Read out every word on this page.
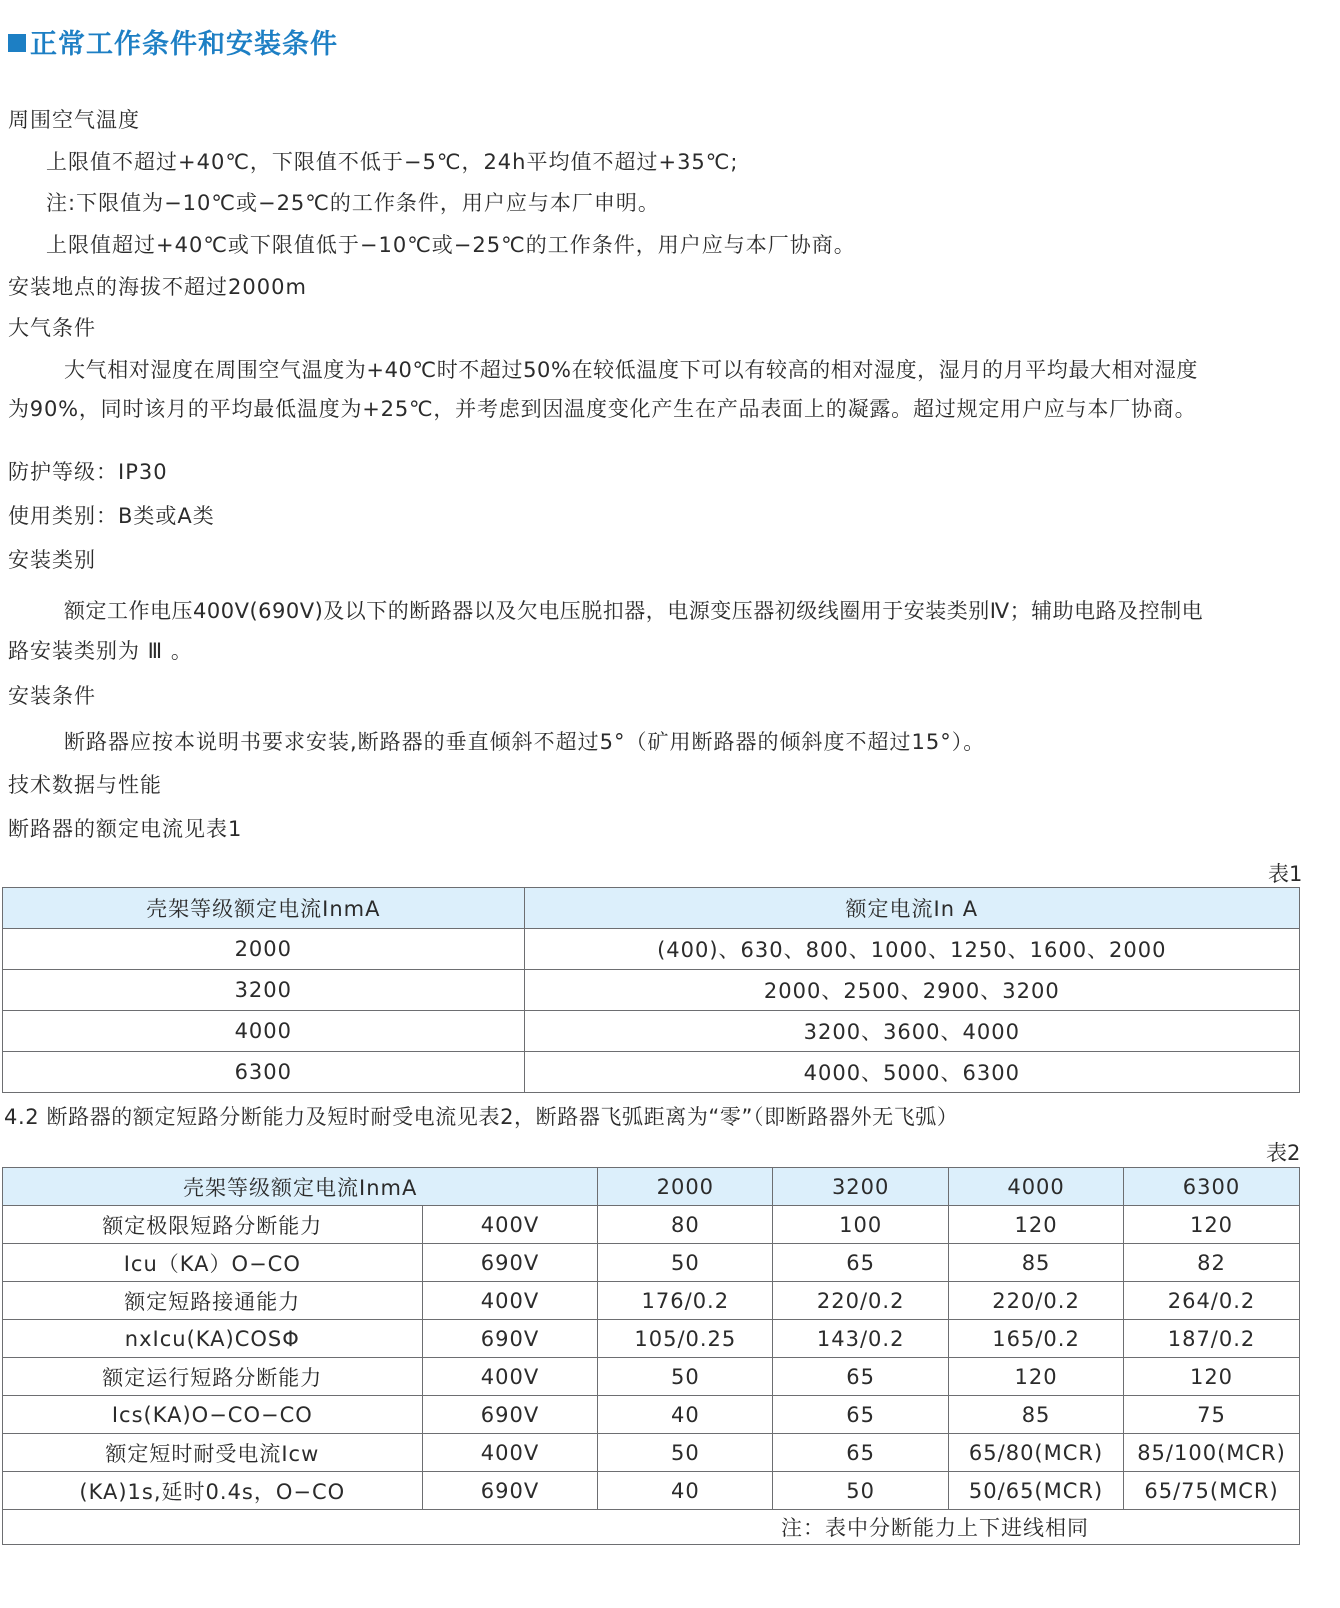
正常工作条件和安装条件
周围空气温度
上限值不超过+40℃，下限值不低于−5℃，24h平均值不超过+35℃;
注:下限值为−10℃或−25℃的工作条件，用户应与本厂申明。
上限值超过+40℃或下限值低于−10℃或−25℃的工作条件，用户应与本厂协商。
安装地点的海拔不超过2000m
大气条件
大气相对湿度在周围空气温度为+40℃时不超过50%在较低温度下可以有较高的相对湿度，湿月的月平均最大相对湿度
为90%，同时该月的平均最低温度为+25℃，并考虑到因温度变化产生在产品表面上的凝露。超过规定用户应与本厂协商。
防护等级：IP30
使用类别：B类或A类
安装类别
额定工作电压400V(690V)及以下的断路器以及欠电压脱扣器，电源变压器初级线圈用于安装类别Ⅳ；辅助电路及控制电
路安装类别为 Ⅲ 。
安装条件
断路器应按本说明书要求安装,断路器的垂直倾斜不超过5°（矿用断路器的倾斜度不超过15°）。
技术数据与性能
断路器的额定电流见表1
表1
壳架等级额定电流InmA	额定电流In A
2000	(400)、630、800、1000、1250、1600、2000
3200	2000、2500、2900、3200
4000	3200、3600、4000
6300	4000、5000、6300
4.2 断路器的额定短路分断能力及短时耐受电流见表2，断路器飞弧距离为“零”（即断路器外无飞弧）
表2
壳架等级额定电流InmA		2000	3200	4000	6300
额定极限短路分断能力	400V	80	100	120	120
Icu（KA）O−CO	690V	50	65	85	82
额定短路接通能力	400V	176/0.2	220/0.2	220/0.2	264/0.2
nxIcu(KA)COSΦ	690V	105/0.25	143/0.2	165/0.2	187/0.2
额定运行短路分断能力	400V	50	65	120	120
Ics(KA)O−CO−CO	690V	40	65	85	75
额定短时耐受电流Icw	400V	50	65	65/80(MCR)	85/100(MCR)
(KA)1s,延时0.4s，O−CO	690V	40	50	50/65(MCR)	65/75(MCR)
注：表中分断能力上下进线相同					
